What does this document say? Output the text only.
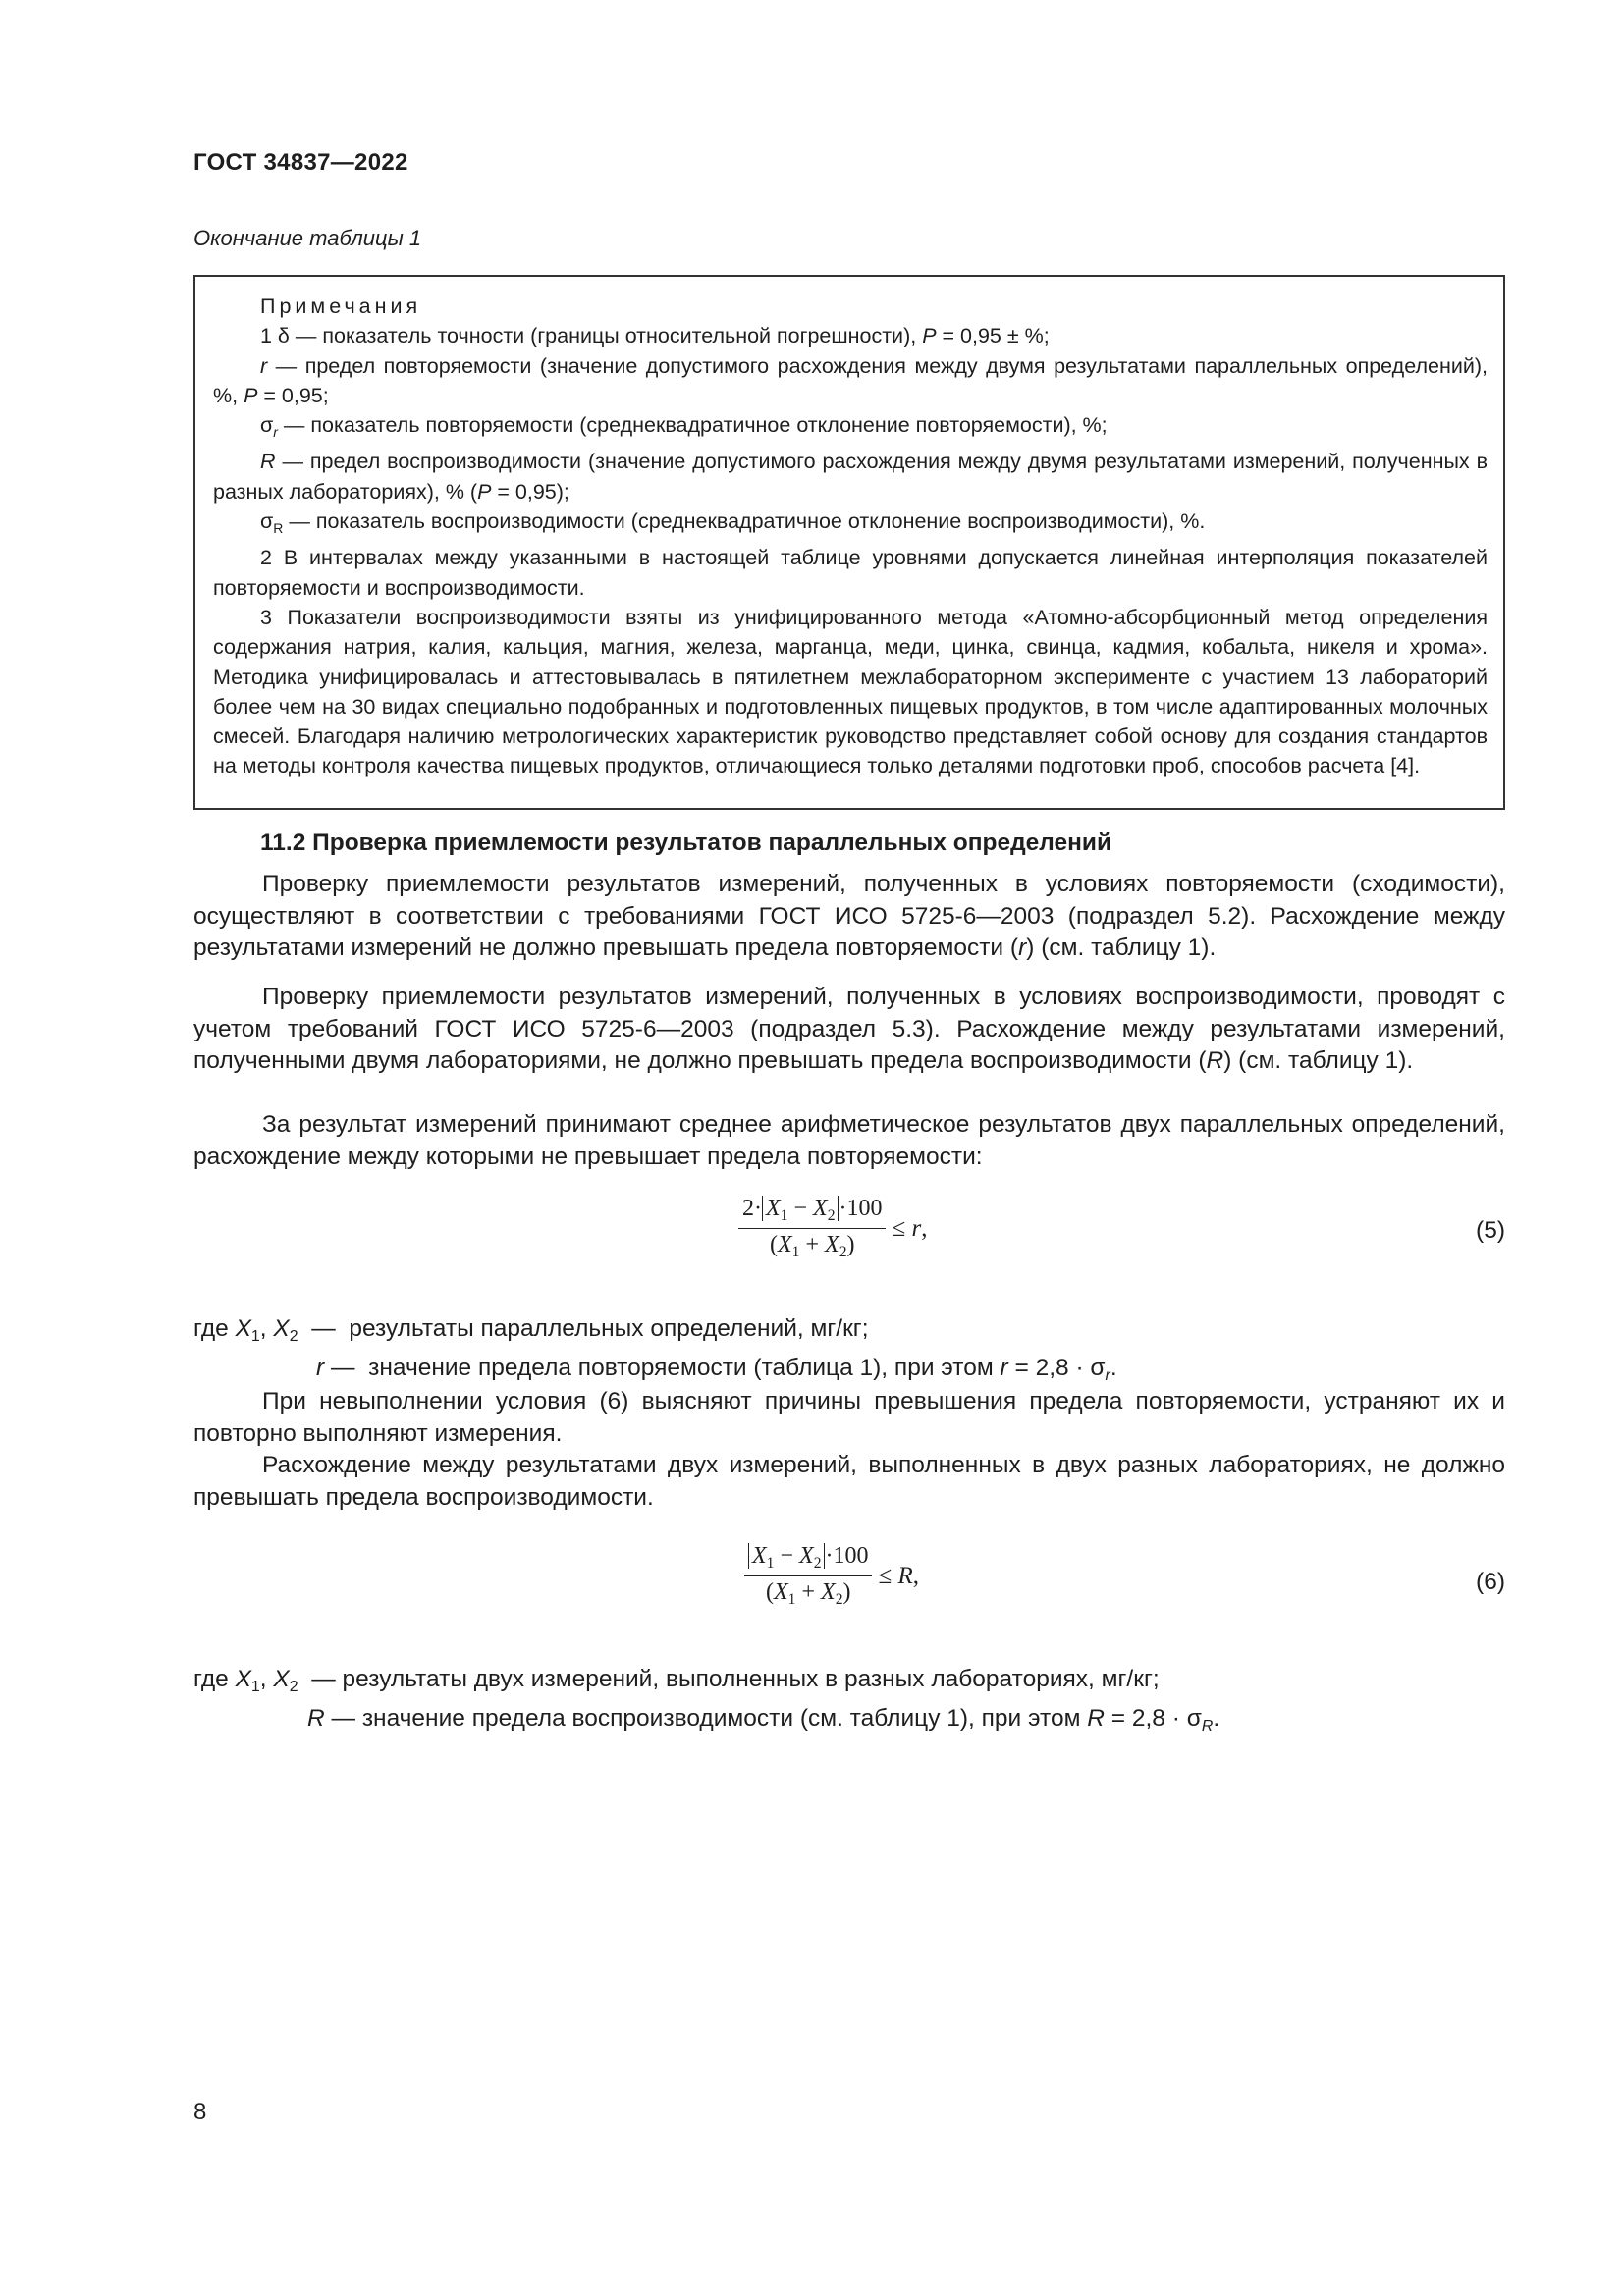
ГОСТ 34837—2022
Окончание таблицы 1

Примечания

1 δ — показатель точности (границы относительной погрешности), P = 0,95 ± %;

r — предел повторяемости (значение допустимого расхождения между двумя результатами параллельных определений), %, P = 0,95;

$\sigma_r$ — показатель повторяемости (среднеквадратичное отклонение повторяемости), %;

R — предел воспроизводимости (значение допустимого расхождения между двумя результатами измерений, полученных в разных лабораториях), % (P = 0,95);

$\sigma_R$ — показатель воспроизводимости (среднеквадратичное отклонение воспроизводимости), %.

2 В интервалах между указанными в настоящей таблице уровнями допускается линейная интерполяция показателей повторяемости и воспроизводимости.

3 Показатели воспроизводимости взяты из унифицированного метода «Атомно-абсорбционный метод определения содержания натрия, калия, кальция, магния, железа, марганца, меди, цинка, свинца, кадмия, кобальта, никеля и хрома». Методика унифицировалась и аттестовывалась в пятилетнем межлабораторном эксперименте с участием 13 лабораторий более чем на 30 видах специально подобранных и подготовленных пищевых продуктов, в том числе адаптированных молочных смесей. Благодаря наличию метрологических характеристик руководство представляет собой основу для создания стандартов на методы контроля качества пищевых продуктов, отличающиеся только деталями подготовки проб, способов расчета [4].

11.2 Проверка приемлемости результатов параллельных определений

Проверку приемлемости результатов измерений, полученных в условиях повторяемости (сходимости), осуществляют в соответствии с требованиями ГОСТ ИСО 5725-6—2003 (подраздел 5.2). Расхождение между результатами измерений не должно превышать предела повторяемости (r) (см. таблицу 1).

Проверку приемлемости результатов измерений, полученных в условиях воспроизводимости, проводят с учетом требований ГОСТ ИСО 5725-6—2003 (подраздел 5.3). Расхождение между результатами измерений, полученными двумя лабораториями, не должно превышать предела воспроизводимости (R) (см. таблицу 1).

За результат измерений принимают среднее арифметическое результатов двух параллельных определений, расхождение между которыми не превышает предела повторяемости:

$\frac{2\cdot X_1 - X_2 \cdot 100}{(X_1 + X_2)} \le r$,	(5)
где $X_1$, $X_2$  —  результаты параллельных определений, мг/кг;
r —  значение предела повторяемости (таблица 1), при этом $r = 2,8 \cdot \sigma_r$.

При невыполнении условия (6) выясняют причины превышения предела повторяемости, устраняют их и повторно выполняют измерения.

Расхождение между результатами двух измерений, выполненных в двух разных лабораториях, не должно превышать предела воспроизводимости.

$\frac{X_1 - X_2 \cdot 100}{(X_1 + X_2)} \le R$,	(6)
где $X_1$, $X_2$  — результаты двух измерений, выполненных в разных лабораториях, мг/кг;
R — значение предела воспроизводимости (см. таблицу 1), при этом $R = 2,8 \cdot \sigma_R$.
8
